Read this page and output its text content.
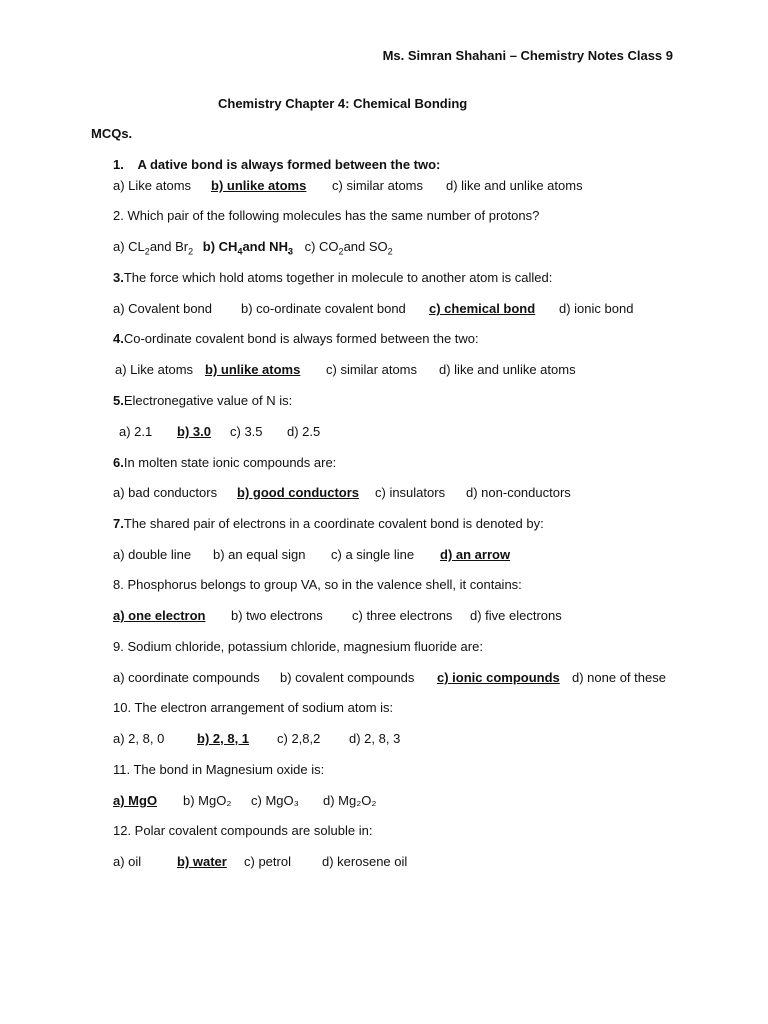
Ms. Simran Shahani – Chemistry Notes Class 9
Chemistry Chapter 4: Chemical Bonding
MCQs.
1. A dative bond is always formed between the two:
a) Like atoms b) unlike atoms c) similar atoms d) like and unlike atoms
2. Which pair of the following molecules has the same number of protons?
a) $CL_2and$ $Br_2$ b) $CH_4and$ $NH_3$ c) $CO_2and$ $SO_2$
3.The force which hold atoms together in molecule to another atom is called:
a) Covalent bond b) co-ordinate covalent bond c) chemical bond d) ionic bond
4.Co-ordinate covalent bond is always formed between the two:
a) Like atoms b) unlike atoms c) similar atoms d) like and unlike atoms
5.Electronegative value of N is:
a) 2.1 b) 3.0 c) 3.5 d) 2.5
6.In molten state ionic compounds are:
a) bad conductors b) good conductors c) insulators d) non-conductors
7.The shared pair of electrons in a coordinate covalent bond is denoted by:
a) double line b) an equal sign c) a single line d) an arrow
8. Phosphorus belongs to group VA, so in the valence shell, it contains:
a) one electron b) two electrons c) three electrons d) five electrons
9. Sodium chloride, potassium chloride, magnesium fluoride are:
a) coordinate compounds b) covalent compounds c) ionic compounds d) none of these
10. The electron arrangement of sodium atom is:
a) 2, 8, 0	b) 2, 8, 1 c) 2,8,2 d) 2, 8, 3
11. The bond in Magnesium oxide is:
a) MgO b) MgO₂ c) MgO₃ d) Mg₂O₂
12. Polar covalent compounds are soluble in:
a) oil	b) water c) petrol d) kerosene oil
